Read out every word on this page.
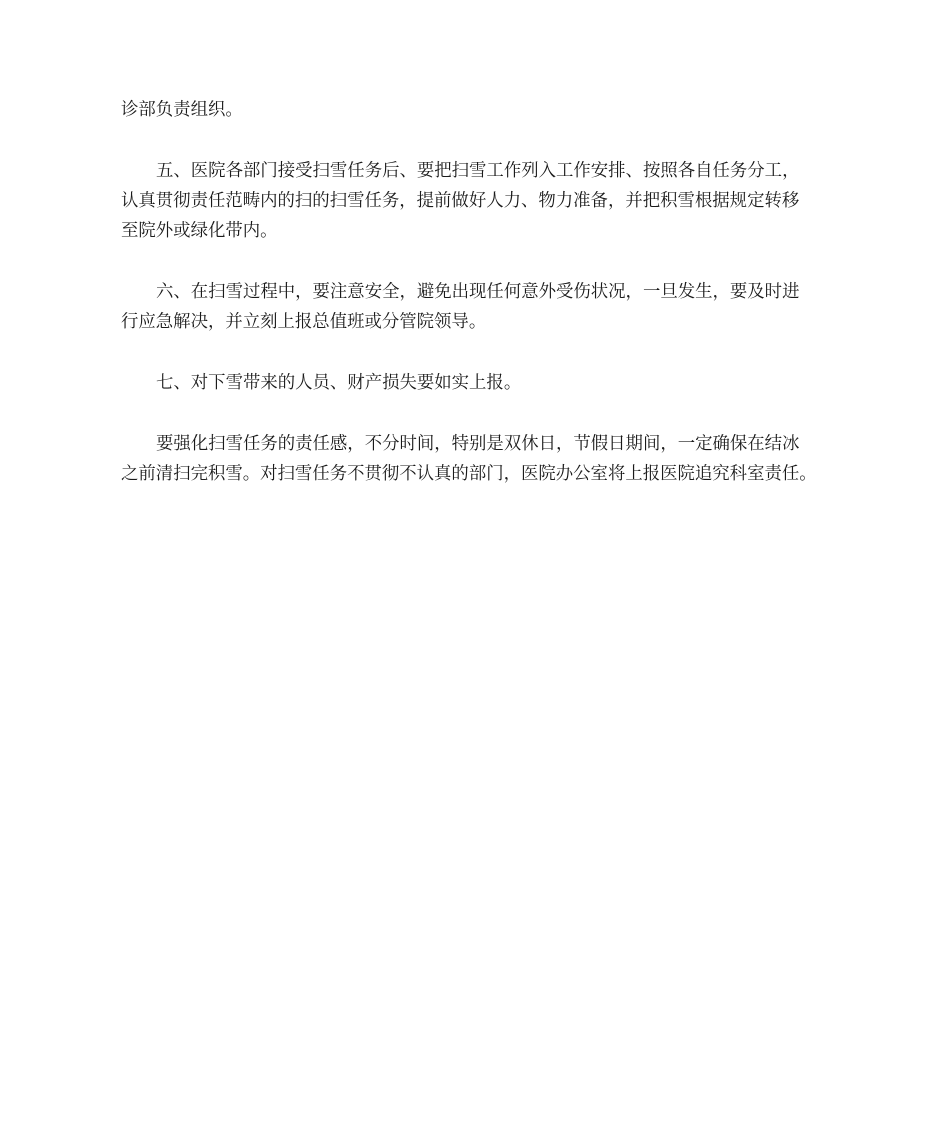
诊部负责组织。

五、医院各部门接受扫雪任务后、要把扫雪工作列入工作安排、按照各自任务分工，
认真贯彻责任范畴内的扫的扫雪任务，提前做好人力、物力准备，并把积雪根据规定转移
至院外或绿化带内。

六、在扫雪过程中，要注意安全，避免出现任何意外受伤状况，一旦发生，要及时进
行应急解决，并立刻上报总值班或分管院领导。

七、对下雪带来的人员、财产损失要如实上报。

要强化扫雪任务的责任感，不分时间，特别是双休日，节假日期间，一定确保在结冰
之前清扫完积雪。对扫雪任务不贯彻不认真的部门，医院办公室将上报医院追究科室责任。
